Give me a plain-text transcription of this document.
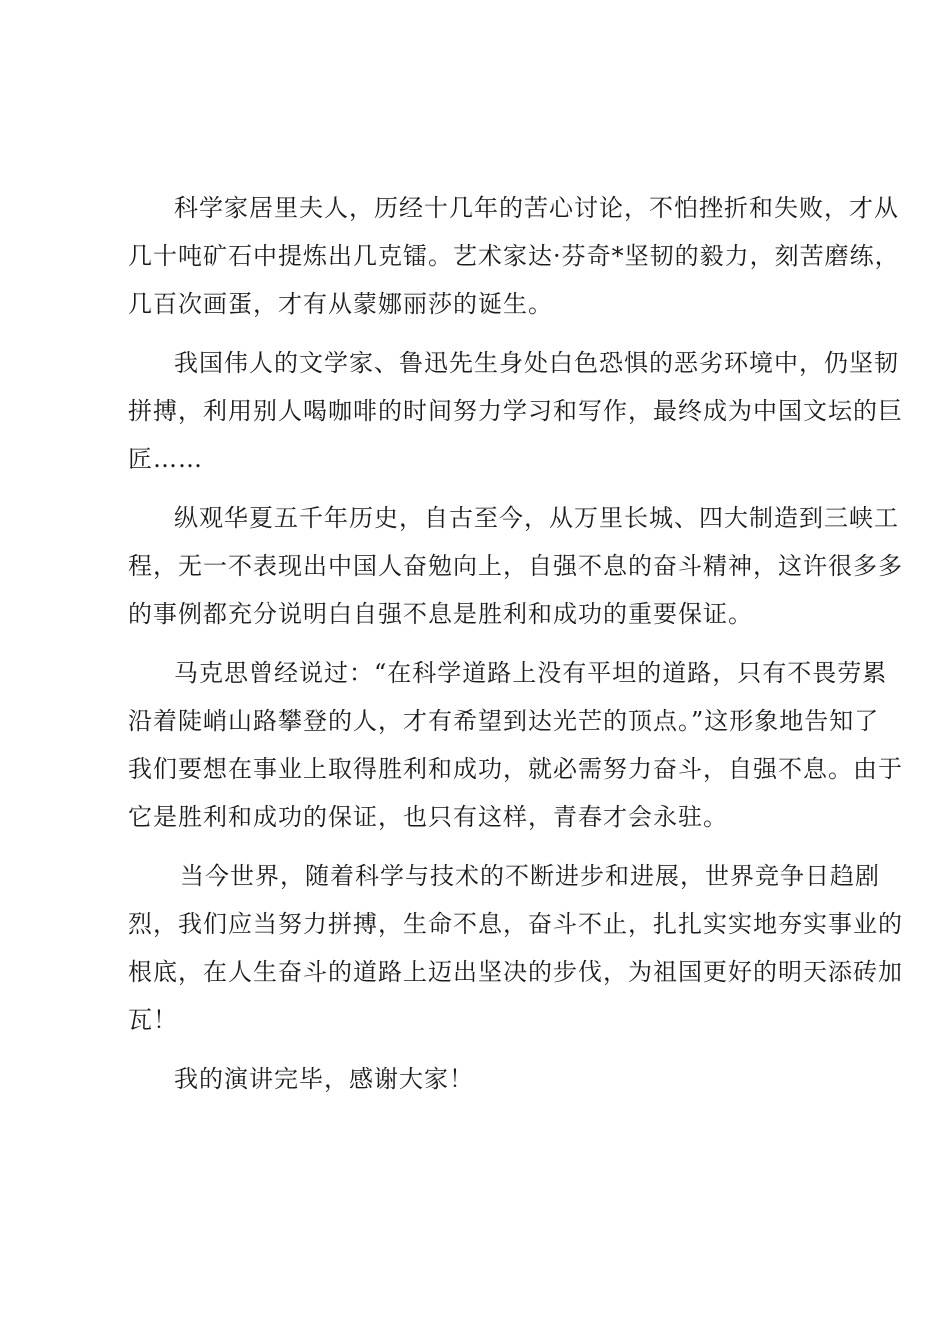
科学家居里夫人，历经十几年的苦心讨论，不怕挫折和失败，才从
几十吨矿石中提炼出几克镭。艺术家达·芬奇*坚韧的毅力，刻苦磨练，
几百次画蛋，才有从蒙娜丽莎的诞生。
我国伟人的文学家、鲁迅先生身处白色恐惧的恶劣环境中，仍坚韧
拼搏，利用别人喝咖啡的时间努力学习和写作，最终成为中国文坛的巨
匠……
纵观华夏五千年历史，自古至今，从万里长城、四大制造到三峡工
程，无一不表现出中国人奋勉向上，自强不息的奋斗精神，这许很多多
的事例都充分说明白自强不息是胜利和成功的重要保证。
马克思曾经说过：“在科学道路上没有平坦的道路，只有不畏劳累
沿着陡峭山路攀登的人，才有希望到达光芒的顶点。”这形象地告知了
我们要想在事业上取得胜利和成功，就必需努力奋斗，自强不息。由于
它是胜利和成功的保证，也只有这样，青春才会永驻。
当今世界，随着科学与技术的不断进步和进展，世界竞争日趋剧
烈，我们应当努力拼搏，生命不息，奋斗不止，扎扎实实地夯实事业的
根底，在人生奋斗的道路上迈出坚决的步伐，为祖国更好的明天添砖加
瓦！
我的演讲完毕，感谢大家！
